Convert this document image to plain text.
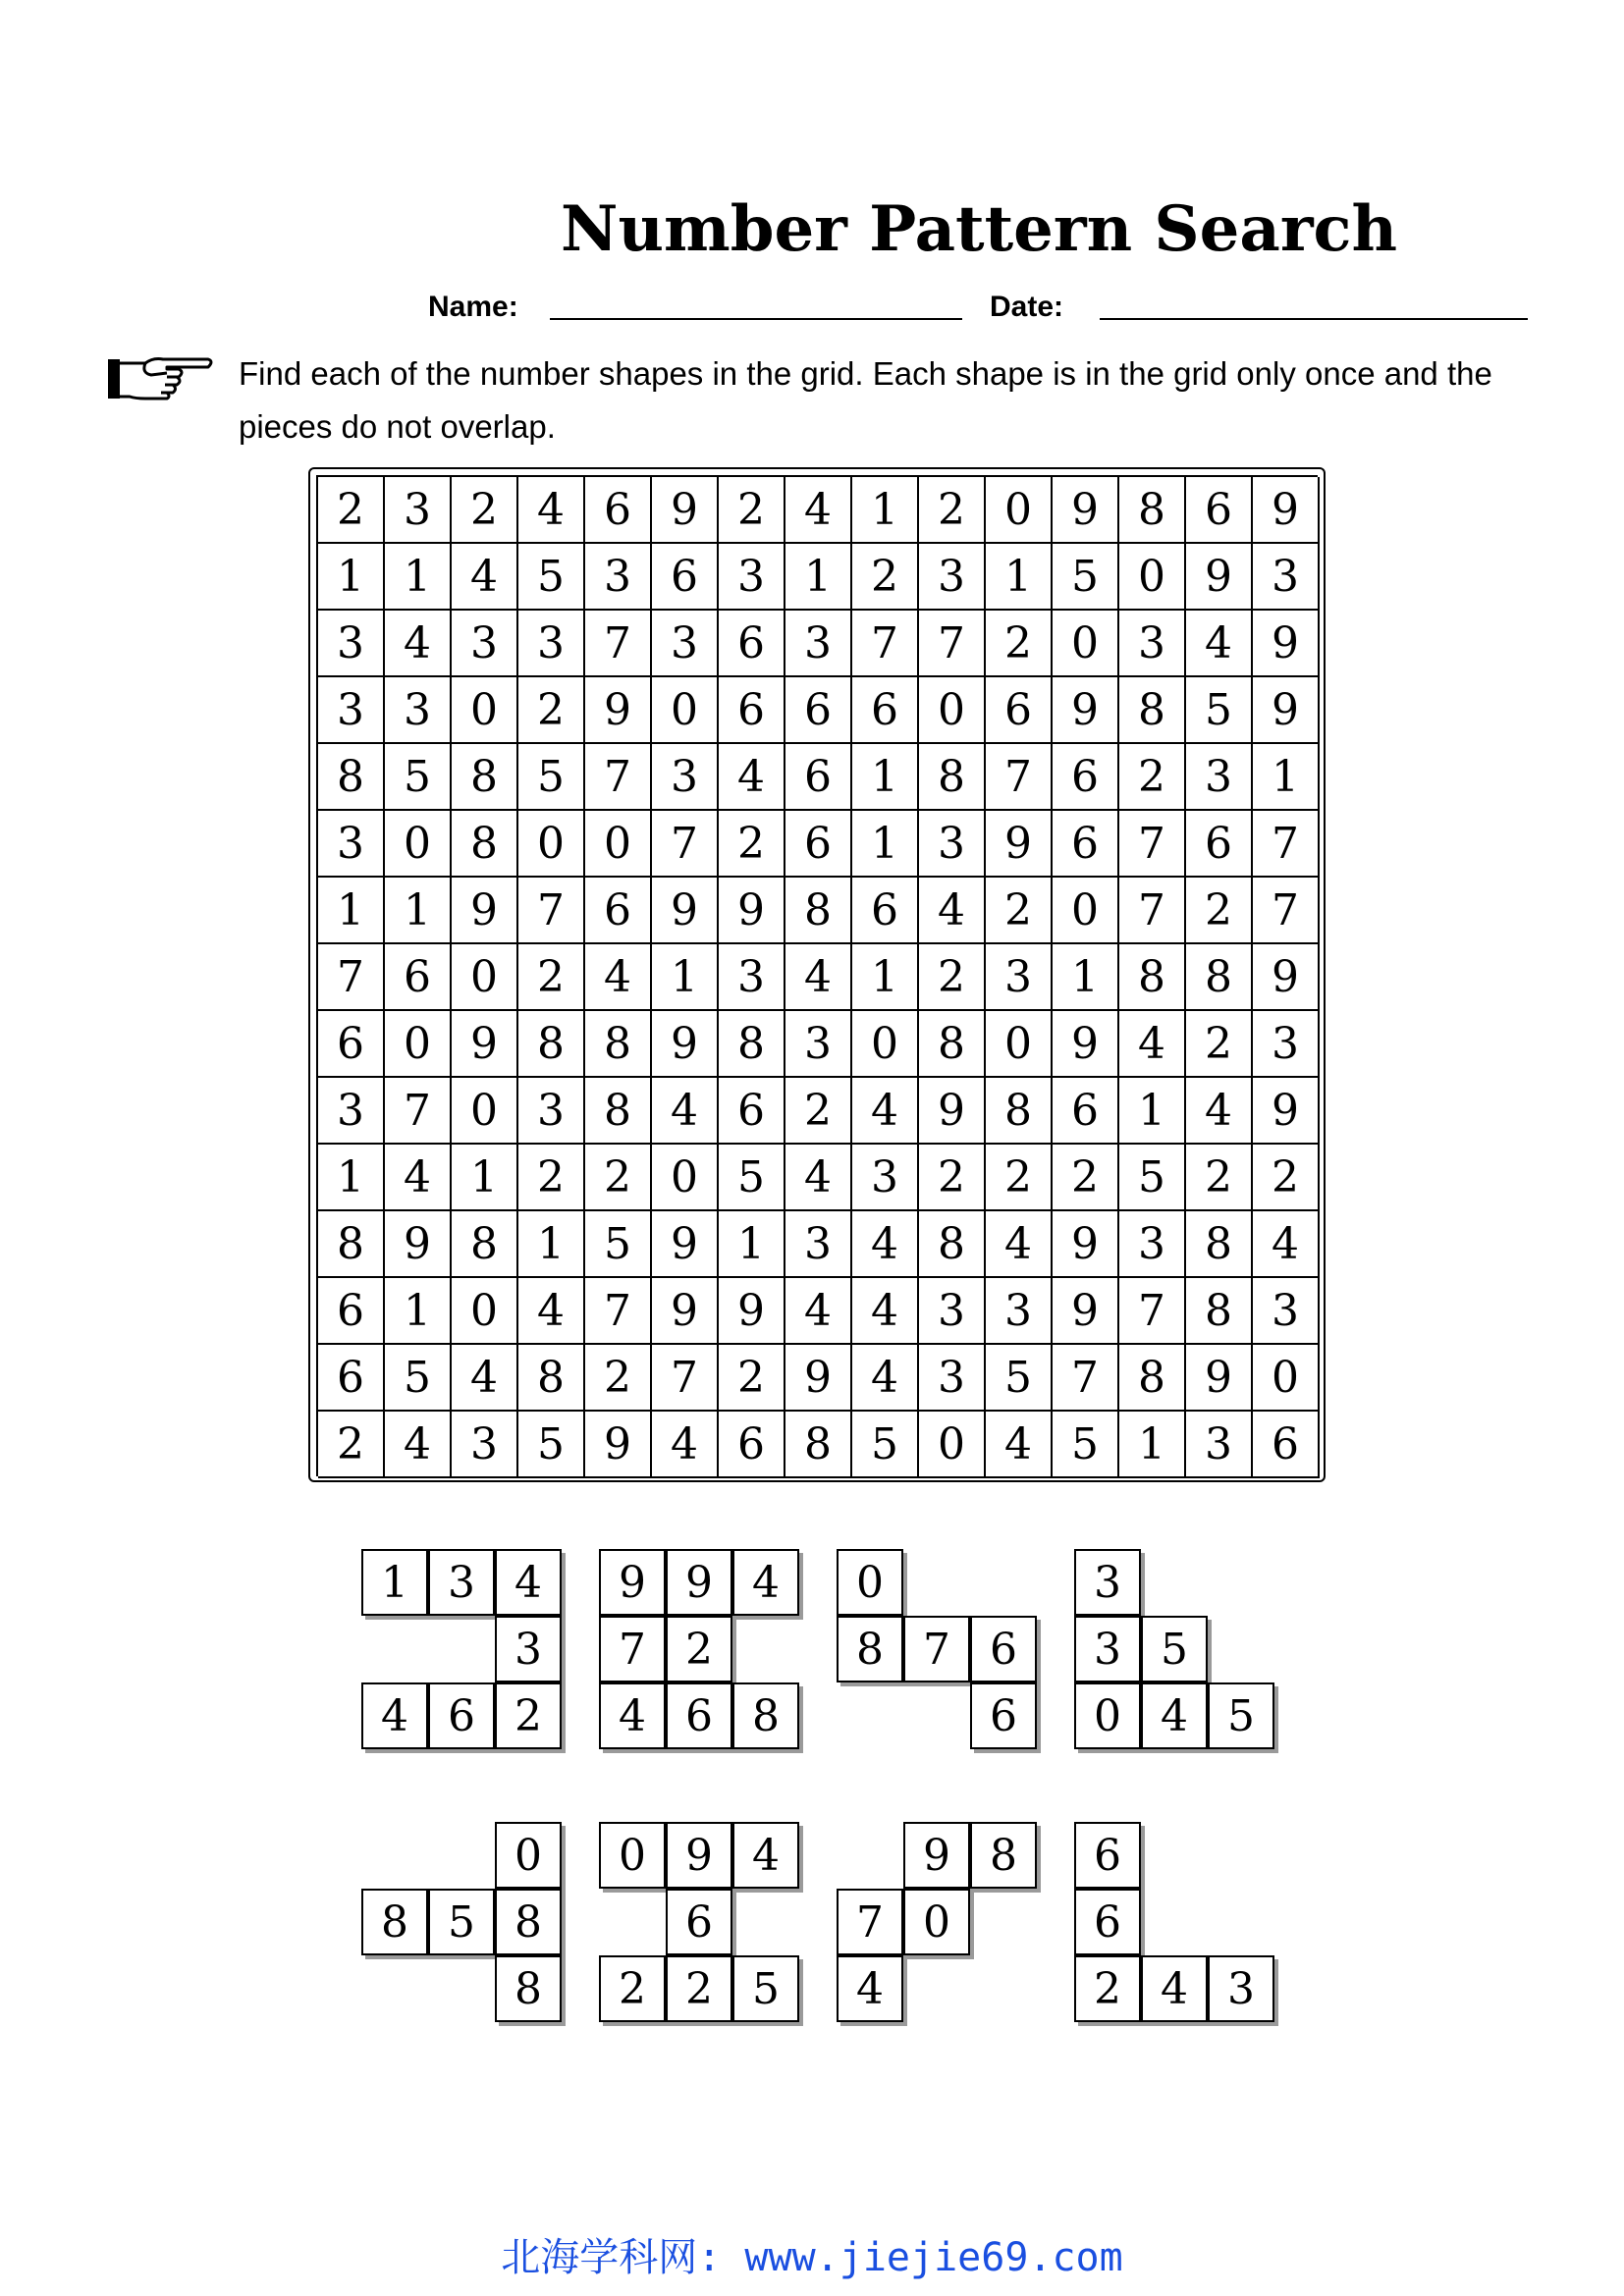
Number Pattern Search
Name:	Date:
Find each of the number shapes in the grid. Each shape is in the grid only once and the pieces do not overlap.
2 3 2 4 6 9 2 4 1 2 0 9 8 6 9
1 1 4 5 3 6 3 1 2 3 1 5 0 9 3
3 4 3 3 7 3 6 3 7 7 2 0 3 4 9
3 3 0 2 9 0 6 6 6 0 6 9 8 5 9
8 5 8 5 7 3 4 6 1 8 7 6 2 3 1
3 0 8 0 0 7 2 6 1 3 9 6 7 6 7
1 1 9 7 6 9 9 8 6 4 2 0 7 2 7
7 6 0 2 4 1 3 4 1 2 3 1 8 8 9
6 0 9 8 8 9 8 3 0 8 0 9 4 2 3
3 7 0 3 8 4 6 2 4 9 8 6 1 4 9
1 4 1 2 2 0 5 4 3 2 2 2 5 2 2
8 9 8 1 5 9 1 3 4 8 4 9 3 8 4
6 1 0 4 7 9 9 4 4 3 3 9 7 8 3
6 5 4 8 2 7 2 9 4 3 5 7 8 9 0
2 4 3 5 9 4 6 8 5 0 4 5 1 3 6
1 3 4
3
4 6 2
9 9 4
7 2
4 6 8
0
8 7 6
6
3
3 5
0 4 5
0
8 5 8
8
0 9 4
6
2 2 5
9 8
7 0
4
6
6
2 4 3
北海学科网: www.jiejie69.com
